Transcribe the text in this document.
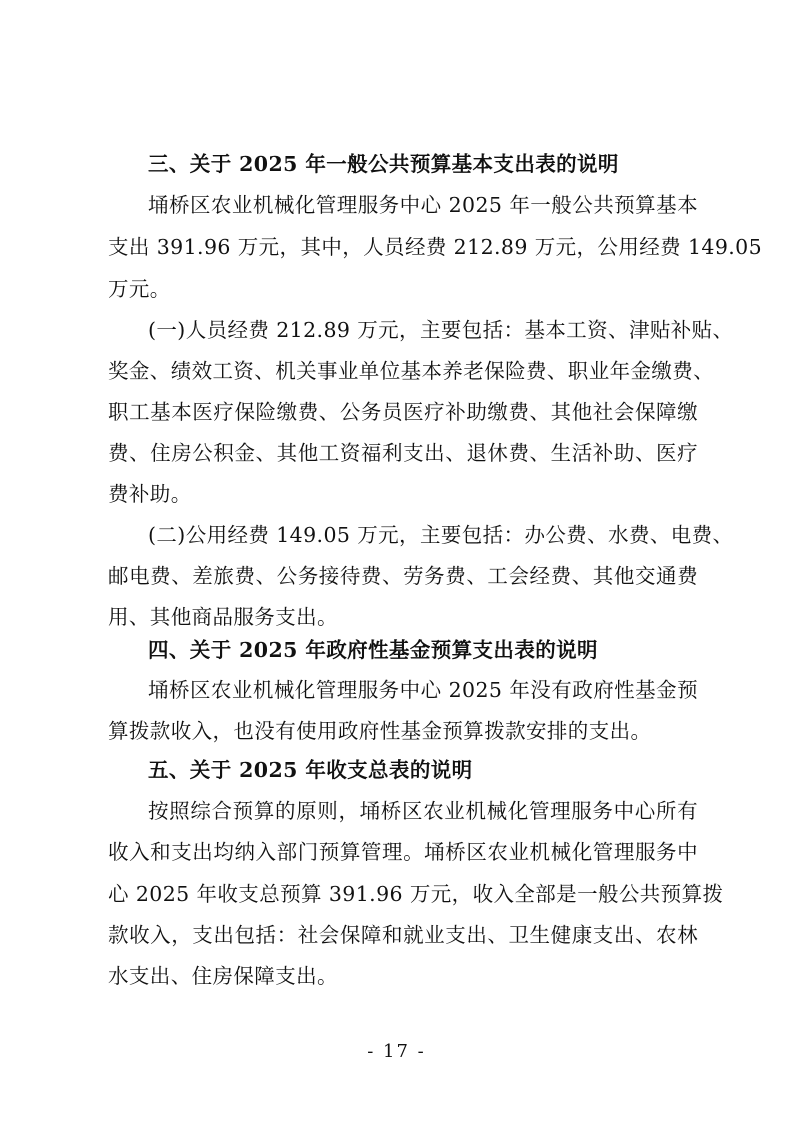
三、关于 2025 年一般公共预算基本支出表的说明
埇桥区农业机械化管理服务中心 2025 年一般公共预算基本
支出 391.96 万元，其中，人员经费 212.89 万元，公用经费 149.05
万元。
(一)人员经费 212.89 万元，主要包括：基本工资、津贴补贴、
奖金、绩效工资、机关事业单位基本养老保险费、职业年金缴费、
职工基本医疗保险缴费、公务员医疗补助缴费、其他社会保障缴
费、住房公积金、其他工资福利支出、退休费、生活补助、医疗
费补助。
(二)公用经费 149.05 万元，主要包括：办公费、水费、电费、
邮电费、差旅费、公务接待费、劳务费、工会经费、其他交通费
用、其他商品服务支出。
四、关于 2025 年政府性基金预算支出表的说明
埇桥区农业机械化管理服务中心 2025 年没有政府性基金预
算拨款收入，也没有使用政府性基金预算拨款安排的支出。
五、关于 2025 年收支总表的说明
按照综合预算的原则，埇桥区农业机械化管理服务中心所有
收入和支出均纳入部门预算管理。埇桥区农业机械化管理服务中
心 2025 年收支总预算 391.96 万元，收入全部是一般公共预算拨
款收入，支出包括：社会保障和就业支出、卫生健康支出、农林
水支出、住房保障支出。
- 17 -
